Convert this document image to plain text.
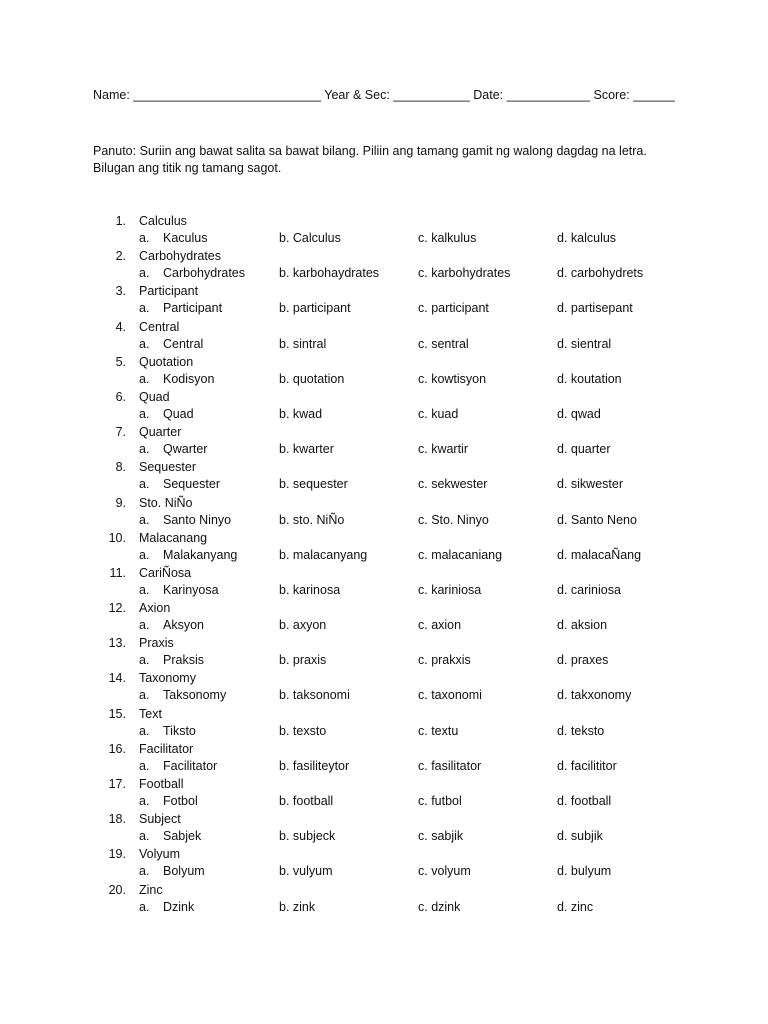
Name: ___________________________ Year & Sec: ___________ Date: ____________ Score: ______
Panuto: Suriin ang bawat salita sa bawat bilang. Piliin ang tamang gamit ng walong dagdag na letra.
Bilugan ang titik ng tamang sagot.
1. Calculus
a. Kaculus	b. Calculus	c. kalkulus	d. kalculus
2. Carbohydrates
a. Carbohydrates	b. karbohaydrates	c. karbohydrates	d. carbohydrets
3. Participant
a. Participant	b. participant	c. participant	d. partisepant
4. Central
a. Central	b. sintral	c. sentral	d. sientral
5. Quotation
a. Kodisyon	b. quotation	c. kowtisyon	d. koutation
6. Quad
a. Quad	b. kwad	c. kuad	d. qwad
7. Quarter
a. Qwarter	b. kwarter	c. kwartir	d. quarter
8. Sequester
a. Sequester	b. sequester	c. sekwester	d. sikwester
9. Sto. NiÑo
a. Santo Ninyo	b. sto. NiÑo	c. Sto. Ninyo	d. Santo Neno
10. Malacanang
a. Malakanyang	b. malacanyang	c. malacaniang	d. malacaÑang
11. CariÑosa
a. Karinyosa	b. karinosa	c. kariniosa	d. cariniosa
12. Axion
a. Aksyon	b. axyon	c. axion	d. aksion
13. Praxis
a. Praksis	b. praxis	c. prakxis	d. praxes
14. Taxonomy
a. Taksonomy	b. taksonomi	c. taxonomi	d. takxonomy
15. Text
a. Tiksto	b. texsto	c. textu	d. teksto
16. Facilitator
a. Facilitator	b. fasiliteytor	c. fasilitator	d. facilititor
17. Football
a. Fotbol	b. football	c. futbol	d. football
18. Subject
a. Sabjek	b. subjeck	c. sabjik	d. subjik
19. Volyum
a. Bolyum	b. vulyum	c. volyum	d. bulyum
20. Zinc
a. Dzink	b. zink	c. dzink	d. zinc
